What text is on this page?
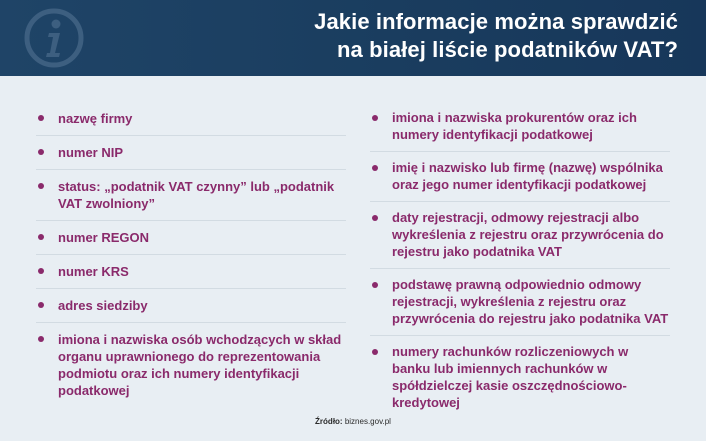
Jakie informacje można sprawdzić
na białej liście podatników VAT?
nazwę firmy
numer NIP
status: „podatnik VAT czynny” lub „podatnik VAT zwolniony”
numer REGON
numer KRS
adres siedziby
imiona i nazwiska osób wchodzących w skład organu uprawnionego do reprezentowania podmiotu oraz ich numery identyfikacji podatkowej
imiona i nazwiska prokurentów oraz ich numery identyfikacji podatkowej
imię i nazwisko lub firmę (nazwę) wspólnika oraz jego numer identyfikacji podatkowej
daty rejestracji, odmowy rejestracji albo wykreślenia z rejestru oraz przywrócenia do rejestru jako podatnika VAT
podstawę prawną odpowiednio odmowy rejestracji, wykreślenia z rejestru oraz przywrócenia do rejestru jako podatnika VAT
numery rachunków rozliczeniowych w banku lub imiennych rachunków w spółdzielczej kasie oszczędnościowo-kredytowej
Źródło: biznes.gov.pl
